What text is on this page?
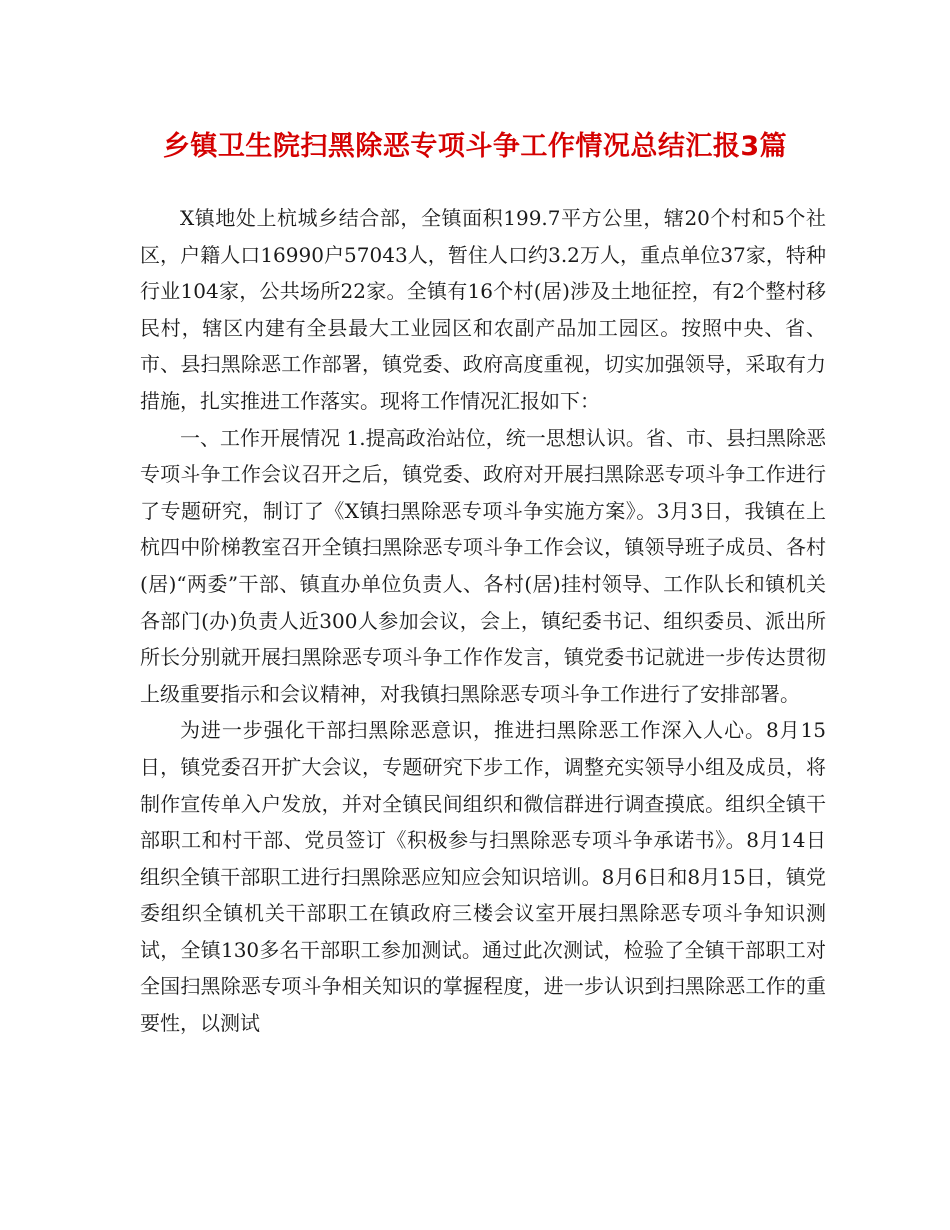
乡镇卫生院扫黑除恶专项斗争工作情况总结汇报3篇

X镇地处上杭城乡结合部，全镇面积199.7平方公里，辖20个村和5个社区，户籍人口16990户57043人，暂住人口约3.2万人，重点单位37家，特种行业104家，公共场所22家。全镇有16个村(居)涉及土地征控，有2个整村移民村，辖区内建有全县最大工业园区和农副产品加工园区。按照中央、省、市、县扫黑除恶工作部署，镇党委、政府高度重视，切实加强领导，采取有力措施，扎实推进工作落实。现将工作情况汇报如下：

一、工作开展情况 1.提高政治站位，统一思想认识。省、市、县扫黑除恶专项斗争工作会议召开之后，镇党委、政府对开展扫黑除恶专项斗争工作进行了专题研究，制订了《X镇扫黑除恶专项斗争实施方案》。3月3日，我镇在上杭四中阶梯教室召开全镇扫黑除恶专项斗争工作会议，镇领导班子成员、各村(居)“两委”干部、镇直办单位负责人、各村(居)挂村领导、工作队长和镇机关各部门(办)负责人近300人参加会议，会上，镇纪委书记、组织委员、派出所所长分别就开展扫黑除恶专项斗争工作作发言，镇党委书记就进一步传达贯彻上级重要指示和会议精神，对我镇扫黑除恶专项斗争工作进行了安排部署。

为进一步强化干部扫黑除恶意识，推进扫黑除恶工作深入人心。8月15日，镇党委召开扩大会议，专题研究下步工作，调整充实领导小组及成员，将制作宣传单入户发放，并对全镇民间组织和微信群进行调查摸底。组织全镇干部职工和村干部、党员签订《积极参与扫黑除恶专项斗争承诺书》。8月14日组织全镇干部职工进行扫黑除恶应知应会知识培训。8月6日和8月15日，镇党委组织全镇机关干部职工在镇政府三楼会议室开展扫黑除恶专项斗争知识测试，全镇130多名干部职工参加测试。通过此次测试，检验了全镇干部职工对全国扫黑除恶专项斗争相关知识的掌握程度，进一步认识到扫黑除恶工作的重要性，以测试
